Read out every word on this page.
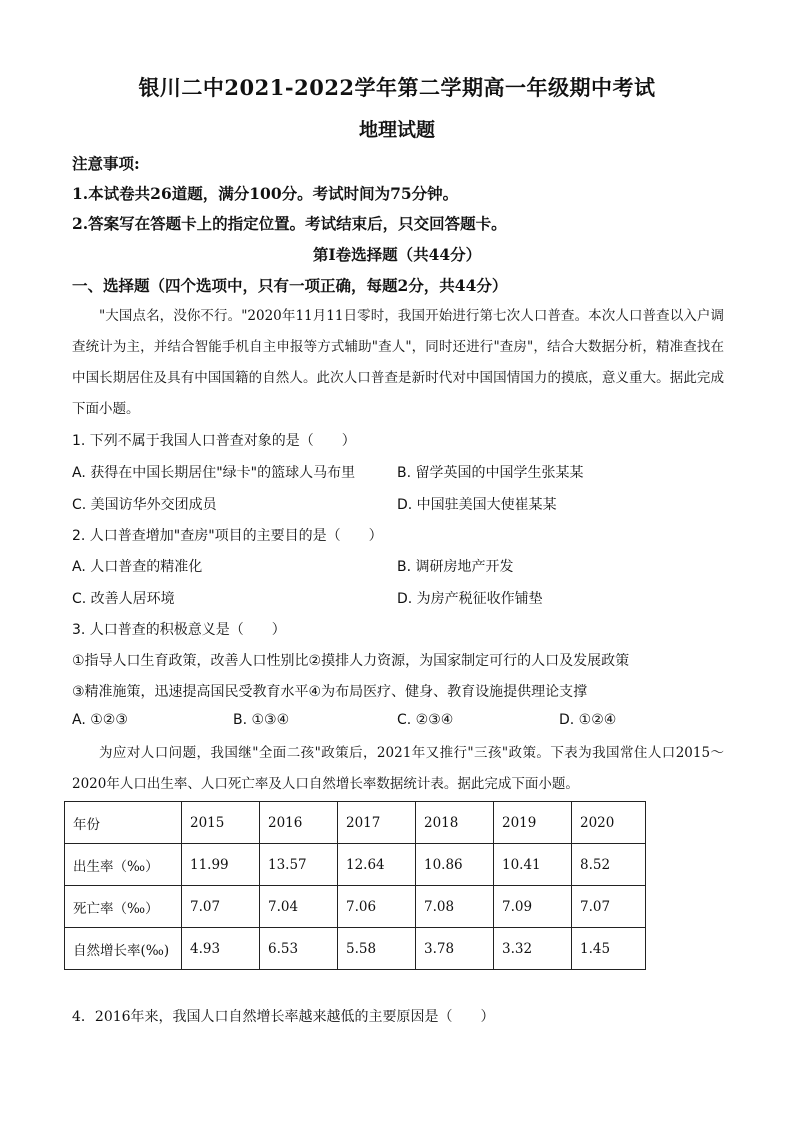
银川二中2021-2022学年第二学期高一年级期中考试
地理试题
注意事项:
1.本试卷共26道题，满分100分。考试时间为75分钟。
2.答案写在答题卡上的指定位置。考试结束后，只交回答题卡。
第Ⅰ卷选择题（共44分）
一、选择题（四个选项中，只有一项正确，每题2分，共44分）
"大国点名，没你不行。"2020年11月11日零时，我国开始进行第七次人口普查。本次人口普查以入户调查统计为主，并结合智能手机自主申报等方式辅助"查人"，同时还进行"查房"，结合大数据分析，精准查找在中国长期居住及具有中国国籍的自然人。此次人口普查是新时代对中国国情国力的摸底，意义重大。据此完成下面小题。
1. 下列不属于我国人口普查对象的是（　　）
A. 获得在中国长期居住"绿卡"的篮球人马布里	B. 留学英国的中国学生张某某
C. 美国访华外交团成员	D. 中国驻美国大使崔某某
2. 人口普查增加"查房"项目的主要目的是（　　）
A. 人口普查的精准化	B. 调研房地产开发
C. 改善人居环境	D. 为房产税征收作铺垫
3. 人口普查的积极意义是（　　）
①指导人口生育政策，改善人口性别比②摸排人力资源，为国家制定可行的人口及发展政策
③精准施策，迅速提高国民受教育水平④为布局医疗、健身、教育设施提供理论支撑
A. ①②③	B. ①③④	C. ②③④	D. ①②④
为应对人口问题，我国继"全面二孩"政策后，2021年又推行"三孩"政策。下表为我国常住人口2015～2020年人口出生率、人口死亡率及人口自然增长率数据统计表。据此完成下面小题。
年份	2015	2016	2017	2018	2019	2020
出生率（‰）	11.99	13.57	12.64	10.86	10.41	8.52
死亡率（‰）	7.07	7.04	7.06	7.08	7.09	7.07
自然增长率(‰)	4.93	6.53	5.58	3.78	3.32	1.45
4．2016年来，我国人口自然增长率越来越低的主要原因是（　　）
